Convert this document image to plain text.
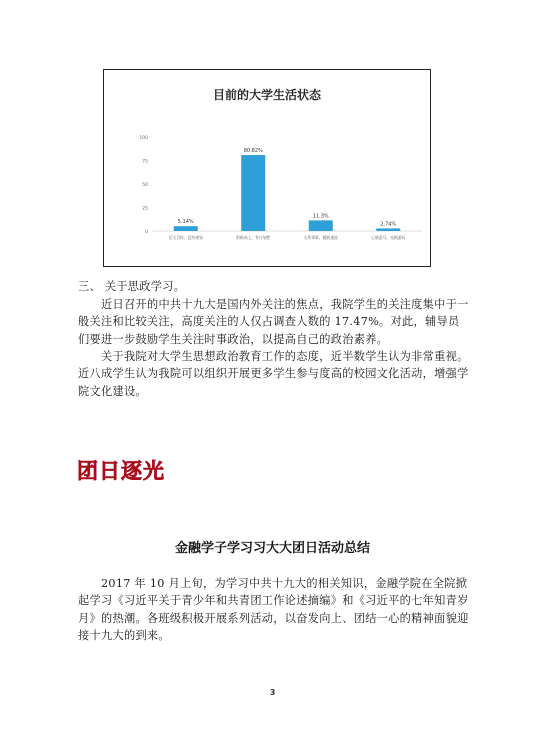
目前的大学生活状态
0
25
50
75
100
5.14%
茫无目标，没有规划
80.82%
积极向上，有计划性
11.3%
无所事事，随波逐流
2.74%
心猿意马，光顾游玩
三、 关于思政学习。
近日召开的中共十九大是国内外关注的焦点，我院学生的关注度集中于一般关注和比较关注，高度关注的人仅占调查人数的 17.47%。对此，辅导员们要进一步鼓励学生关注时事政治，以提高自己的政治素养。
关于我院对大学生思想政治教育工作的态度，近半数学生认为非常重视。近八成学生认为我院可以组织开展更多学生参与度高的校园文化活动，增强学院文化建设。
团日逐光
金融学子学习习大大团日活动总结
2017 年 10 月上旬，为学习中共十九大的相关知识，金融学院在全院掀起学习《习近平关于青少年和共青团工作论述摘编》和《习近平的七年知青岁月》的热潮。各班级积极开展系列活动，以奋发向上、团结一心的精神面貌迎接十九大的到来。
3
